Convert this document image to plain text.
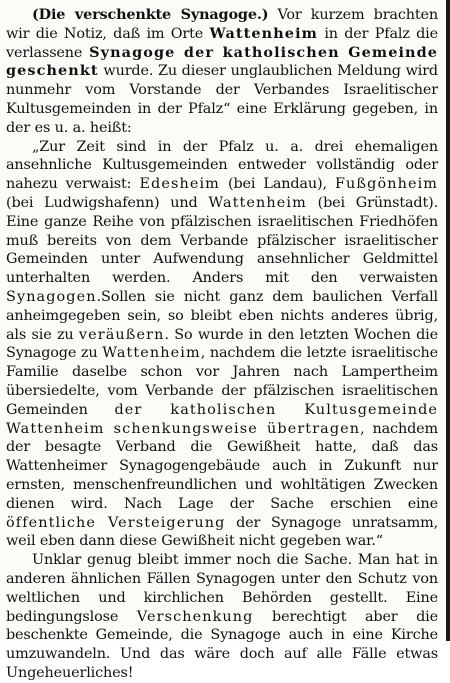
(Die verschenkte Synagoge.) Vor kurzem brachten wir die Notiz, daß im Orte Wattenheim in der Pfalz die verlassene Synagoge der katholischen Gemeinde geschenkt wurde. Zu dieser unglaublichen Meldung wird nunmehr vom Vorstande der Verbandes Israelitischer Kultusgemeinden in der Pfalz“ eine Erklärung gegeben, in der es u. a. heißt:

„Zur Zeit sind in der Pfalz u. a. drei ehemaligen ansehnliche Kultusgemeinden entweder vollständig oder nahezu verwaist: Edesheim (bei Landau), Fußgönheim (bei Ludwigshafenn) und Wattenheim (bei Grünstadt). Eine ganze Reihe von pfälzischen israelitischen Friedhöfen muß bereits von dem Verbande pfälzischer israelitischer Gemeinden unter Aufwendung ansehnlicher Geldmittel unterhalten werden. Anders mit den verwaisten Synagogen.Sollen sie nicht ganz dem baulichen Verfall anheimgegeben sein, so bleibt eben nichts anderes übrig, als sie zu veräußern. So wurde in den letzten Wochen die Synagoge zu Wattenheim, nachdem die letzte israelitische Familie daselbe schon vor Jahren nach Lampertheim übersiedelte, vom Verbande der pfälzischen israelitischen Gemeinden der katholischen Kultusgemeinde Wattenheim schenkungsweise übertragen, nachdem der besagte Verband die Gewißheit hatte, daß das Wattenheimer Synagogengebäude auch in Zukunft nur ernsten, menschenfreundlichen und wohltätigen Zwecken dienen wird. Nach Lage der Sache erschien eine öffentliche Versteigerung der Synagoge unratsamm, weil eben dann diese Gewißheit nicht gegeben war.“

Unklar genug bleibt immer noch die Sache. Man hat in anderen ähnlichen Fällen Synagogen unter den Schutz von weltlichen und kirchlichen Behörden gestellt. Eine bedingungslose Verschenkung berechtigt aber die beschenkte Gemeinde, die Synagoge auch in eine Kirche umzuwandeln. Und das wäre doch auf alle Fälle etwas Ungeheuerliches!
